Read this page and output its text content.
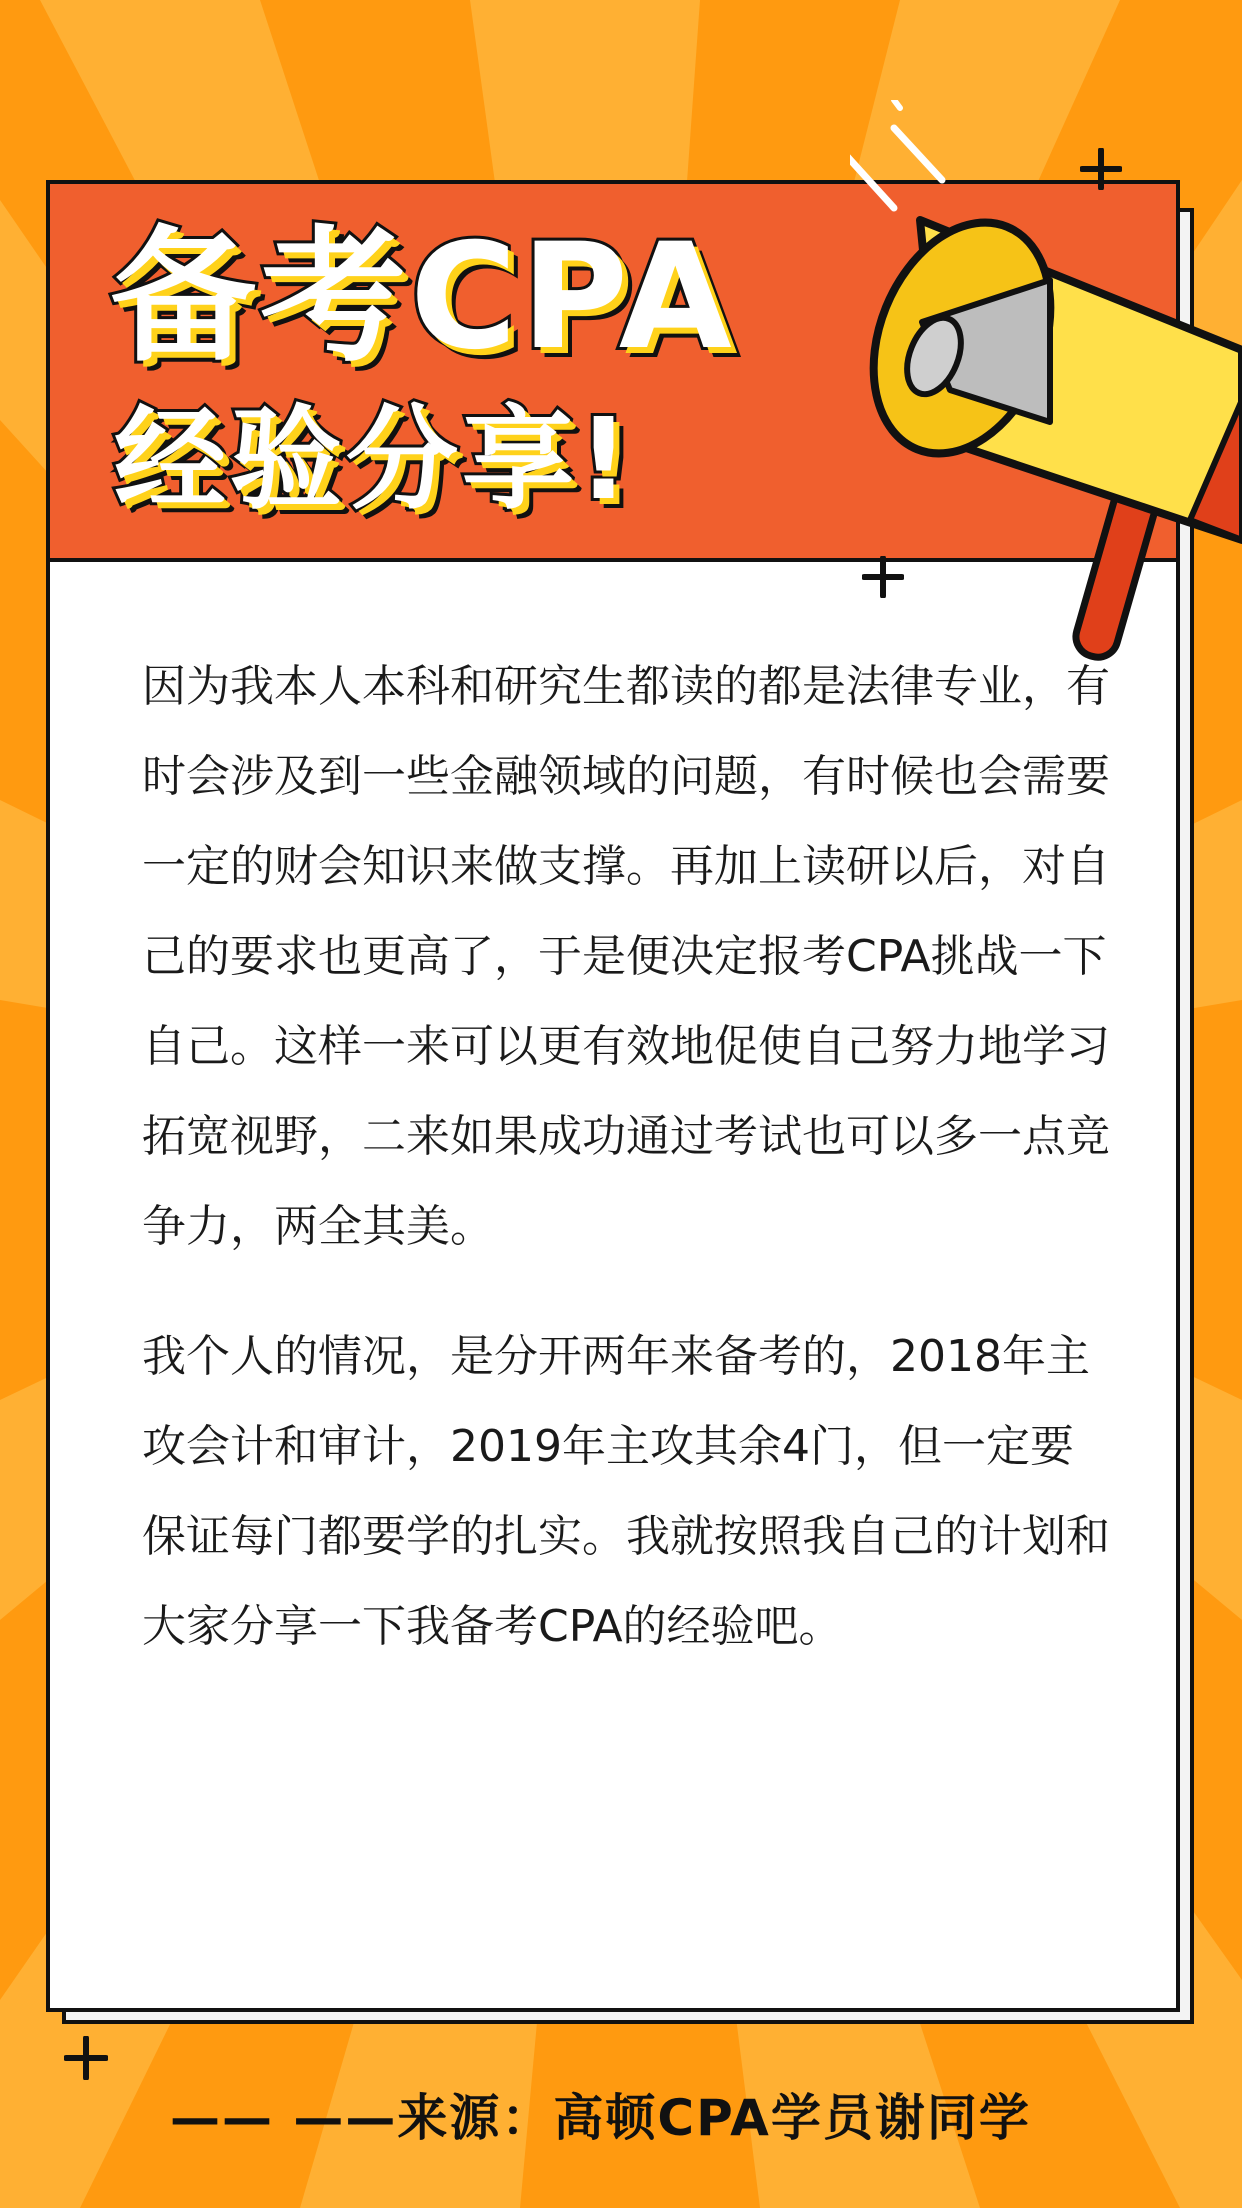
备考CPA
经验分享!

因为我本人本科和研究生都读的都是法律专业，有时会涉及到一些金融领域的问题，有时候也会需要一定的财会知识来做支撑。再加上读研以后，对自己的要求也更高了，于是便决定报考CPA挑战一下自己。这样一来可以更有效地促使自己努力地学习拓宽视野，二来如果成功通过考试也可以多一点竞争力，两全其美。

我个人的情况，是分开两年来备考的，2018年主攻会计和审计，2019年主攻其余4门，但一定要保证每门都要学的扎实。我就按照我自己的计划和大家分享一下我备考CPA的经验吧。

—— ——来源：高顿CPA学员谢同学
